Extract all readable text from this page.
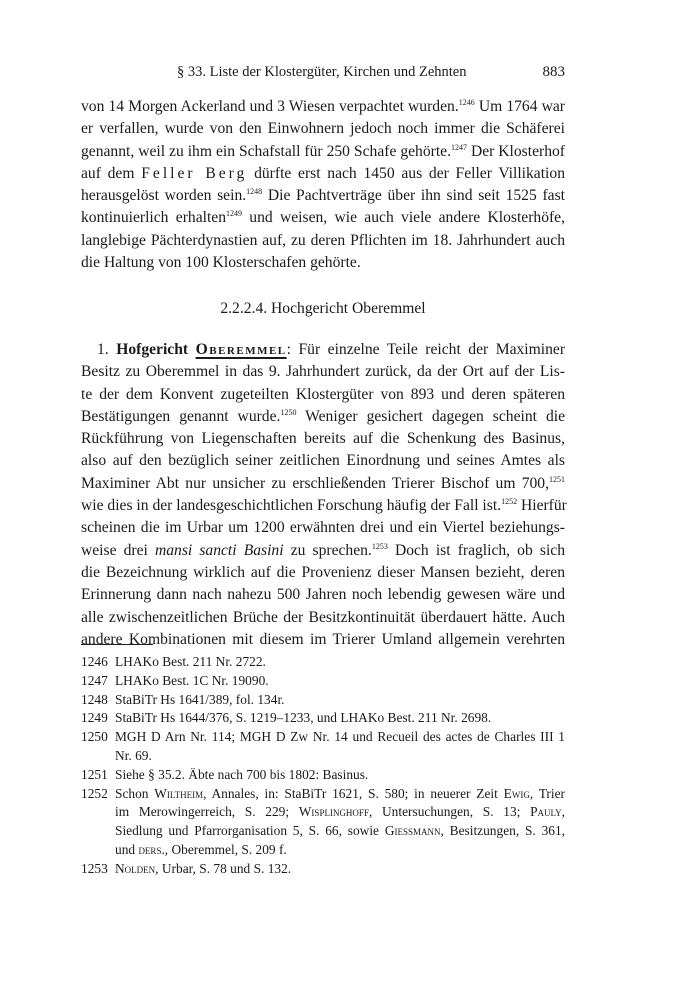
§ 33. Liste der Klostergüter, Kirchen und Zehnten	883
von 14 Morgen Ackerland und 3 Wiesen verpachtet wurden.$^{1246}$ Um 1764 war
er verfallen, wurde von den Einwohnern jedoch noch immer die Schäferei
genannt, weil zu ihm ein Schafstall für 250 Schafe gehörte.$^{1247}$ Der Klosterhof
auf dem Feller Berg dürfte erst nach 1450 aus der Feller Villikation
herausgelöst worden sein.$^{1248}$ Die Pachtverträge über ihn sind seit 1525 fast
kontinuierlich erhalten$^{1249}$ und weisen, wie auch viele andere Klosterhöfe,
langlebige Pächterdynastien auf, zu deren Pflichten im 18. Jahrhundert auch
die Haltung von 100 Klosterschafen gehörte.
2.2.2.4. Hochgericht Oberemmel
1. Hofgericht Oberemmel: Für einzelne Teile reicht der Maximiner
Besitz zu Oberemmel in das 9. Jahrhundert zurück, da der Ort auf der Lis-
te der dem Konvent zugeteilten Klostergüter von 893 und deren späteren
Bestätigungen genannt wurde.$^{1250}$ Weniger gesichert dagegen scheint die
Rückführung von Liegenschaften bereits auf die Schenkung des Basinus,
also auf den bezüglich seiner zeitlichen Einordnung und seines Amtes als
Maximiner Abt nur unsicher zu erschließenden Trierer Bischof um 700,$^{1251}$
wie dies in der landesgeschichtlichen Forschung häufig der Fall ist.$^{1252}$ Hierfür
scheinen die im Urbar um 1200 erwähnten drei und ein Viertel beziehungs-
weise drei mansi sancti Basini zu sprechen.$^{1253}$ Doch ist fraglich, ob sich
die Bezeichnung wirklich auf die Provenienz dieser Mansen bezieht, deren
Erinnerung dann nach nahezu 500 Jahren noch lebendig gewesen wäre und
alle zwischenzeitlichen Brüche der Besitzkontinuität überdauert hätte. Auch
andere Kombinationen mit diesem im Trierer Umland allgemein verehrten
1246 LHAKo Best. 211 Nr. 2722.
1247 LHAKo Best. 1C Nr. 19090.
1248 StaBiTr Hs 1641/389, fol. 134r.
1249 StaBiTr Hs 1644/376, S. 1219–1233, und LHAKo Best. 211 Nr. 2698.
1250 MGH D Arn Nr. 114; MGH D Zw Nr. 14 und Recueil des actes de Charles III 1
Nr. 69.
1251 Siehe § 35.2. Äbte nach 700 bis 1802: Basinus.
1252 Schon Wiltheim, Annales, in: StaBiTr 1621, S. 580; in neuerer Zeit Ewig, Trier
im Merowingerreich, S. 229; Wisplinghoff, Untersuchungen, S. 13; Pauly,
Siedlung und Pfarrorganisation 5, S. 66, sowie Giessmann, Besitzungen, S. 361,
und ders., Oberemmel, S. 209 f.
1253 Nolden, Urbar, S. 78 und S. 132.
